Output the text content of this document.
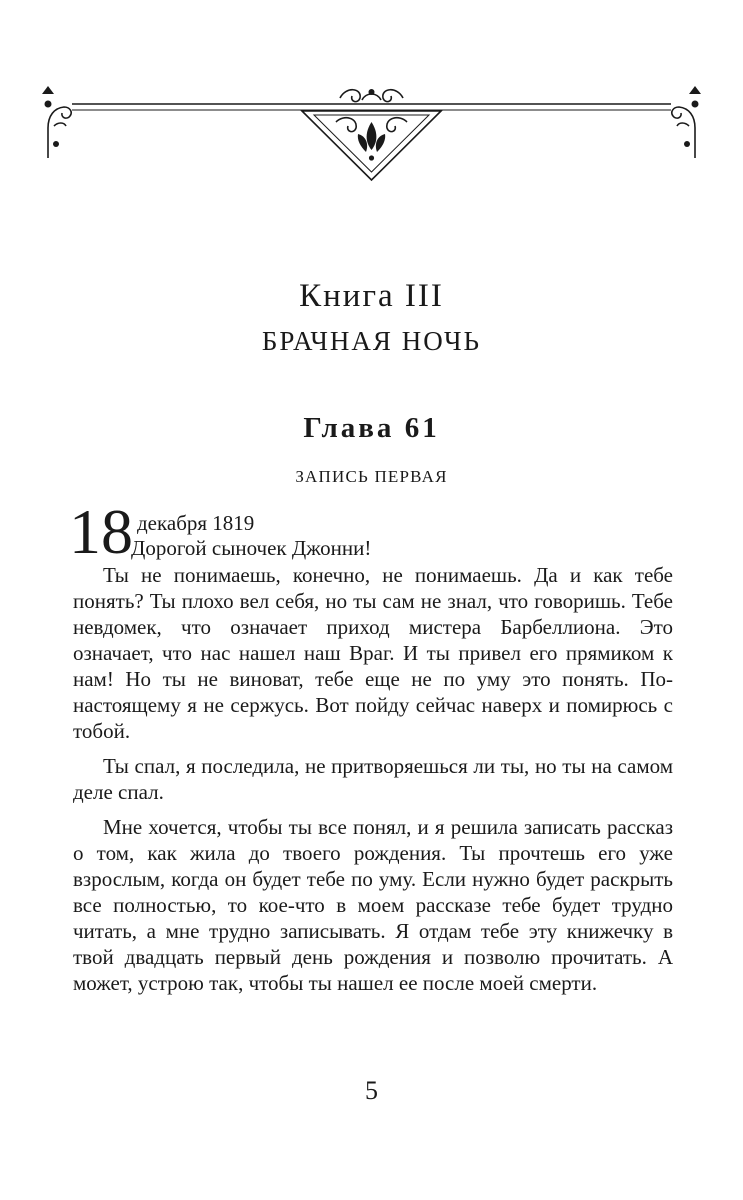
Книга III
БРАЧНАЯ НОЧЬ
Глава 61
ЗАПИСЬ ПЕРВАЯ
18 декабря 1819
Дорогой сыночек Джонни!

Ты не понимаешь, конечно, не понимаешь. Да и как тебе понять? Ты плохо вел себя, но ты сам не знал, что говоришь. Тебе невдомек, что означает приход мистера Барбеллиона. Это означает, что нас нашел наш Враг. И ты привел его прямиком к нам! Но ты не виноват, тебе еще не по уму это понять. По-настоящему я не сержусь. Вот пойду сейчас наверх и помирюсь с тобой.

Ты спал, я последила, не притворяешься ли ты, но ты на самом деле спал.

Мне хочется, чтобы ты все понял, и я решила записать рассказ о том, как жила до твоего рождения. Ты прочтешь его уже взрослым, когда он будет тебе по уму. Если нужно будет раскрыть все полностью, то кое-что в моем рассказе тебе будет трудно читать, а мне трудно записывать. Я отдам тебе эту книжечку в твой двадцать первый день рождения и позволю прочитать. А может, устрою так, чтобы ты нашел ее после моей смерти.

5
